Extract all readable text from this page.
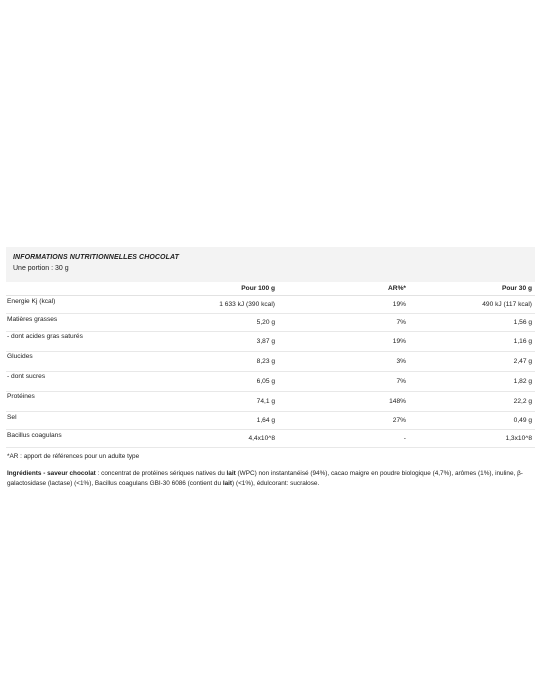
INFORMATIONS NUTRITIONNELLES CHOCOLAT
Une portion : 30 g
	Pour 100 g	AR%*	Pour 30 g
Energie Kj (kcal)	1 633 kJ (390 kcal)	19%	490 kJ (117 kcal)
Matières grasses	5,20 g	7%	1,56 g
- dont acides gras saturés	3,87 g	19%	1,16 g
Glucides	8,23 g	3%	2,47 g
- dont sucres	6,05 g	7%	1,82 g
Protéines	74,1 g	148%	22,2 g
Sel	1,64 g	27%	0,49 g
Bacillus coagulans	4,4x10^8	-	1,3x10^8
*AR : apport de références pour un adulte type
Ingrédients - saveur chocolat : concentrat de protéines sériques natives du lait (WPC) non instantanéisé (94%), cacao maigre en poudre biologique (4,7%), arômes (1%), inuline, β-galactosidase (lactase) (<1%), Bacillus coagulans GBI-30 6086 (contient du lait) (<1%), édulcorant: sucralose.
